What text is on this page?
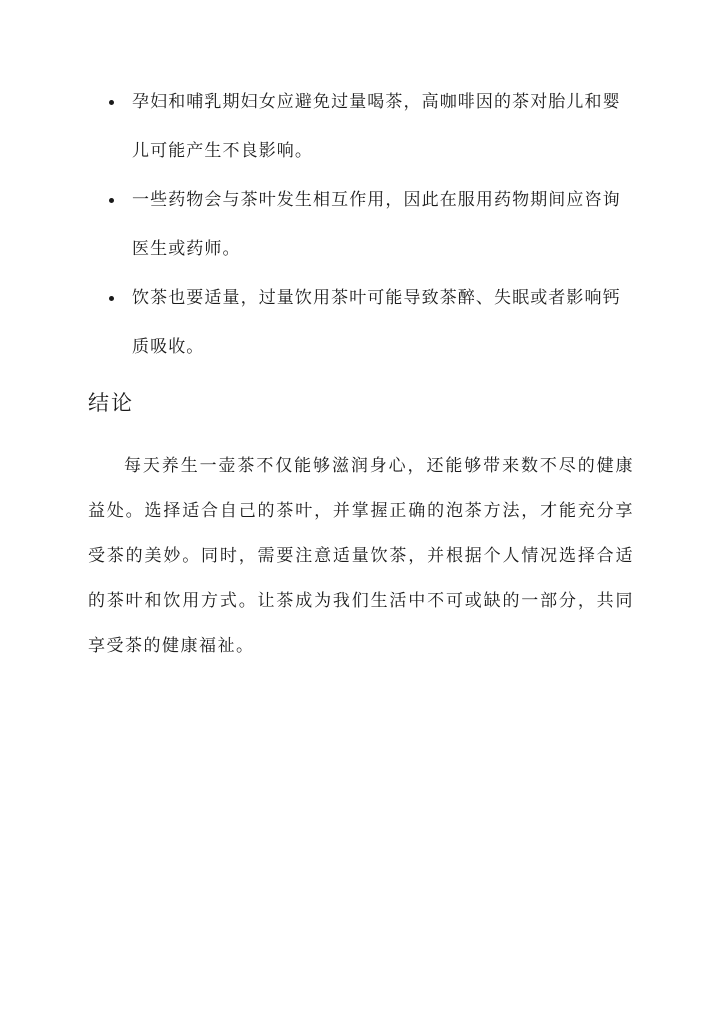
孕妇和哺乳期妇女应避免过量喝茶，高咖啡因的茶对胎儿和婴儿可能产生不良影响。
一些药物会与茶叶发生相互作用，因此在服用药物期间应咨询医生或药师。
饮茶也要适量，过量饮用茶叶可能导致茶醉、失眠或者影响钙质吸收。
结论

每天养生一壶茶不仅能够滋润身心，还能够带来数不尽的健康益处。选择适合自己的茶叶，并掌握正确的泡茶方法，才能充分享受茶的美妙。同时，需要注意适量饮茶，并根据个人情况选择合适的茶叶和饮用方式。让茶成为我们生活中不可或缺的一部分，共同享受茶的健康福祉。
